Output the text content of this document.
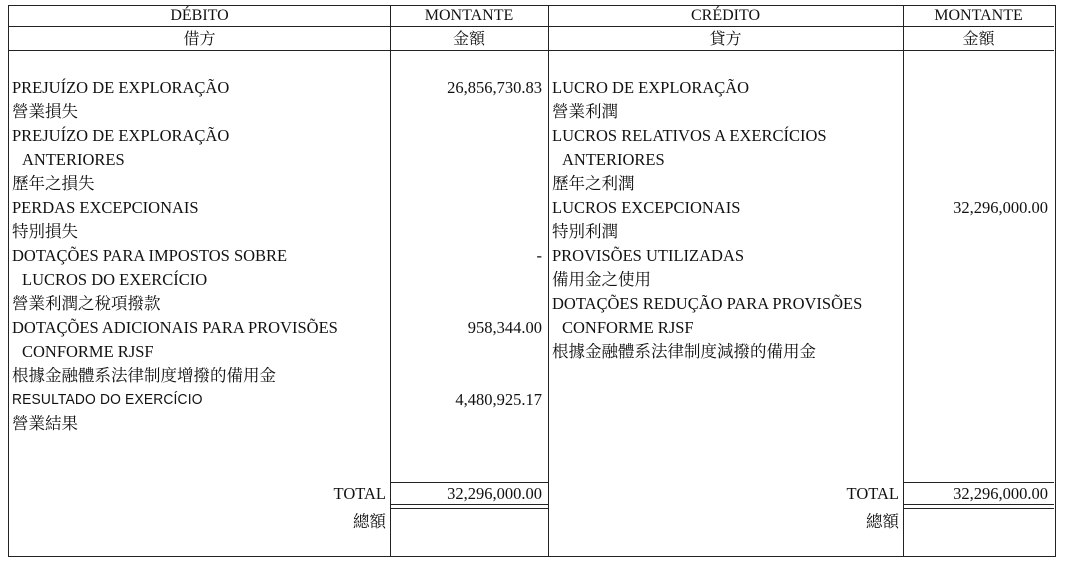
DÉBITO
借方
MONTANTE
金額
CRÉDITO
貸方
MONTANTE
金額
PREJUÍZO DE EXPLORAÇÃO
營業損失
PREJUÍZO DE EXPLORAÇÃO
ANTERIORES
歷年之損失
PERDAS EXCEPCIONAIS
特別損失
DOTAÇÕES PARA IMPOSTOS SOBRE
LUCROS DO EXERCÍCIO
營業利潤之稅項撥款
DOTAÇÕES ADICIONAIS PARA PROVISÕES
CONFORME RJSF
根據金融體系法律制度增撥的備用金
RESULTADO DO EXERCÍCIO
營業結果
26,856,730.83
-
958,344.00
4,480,925.17
LUCRO DE EXPLORAÇÃO
營業利潤
LUCROS RELATIVOS A EXERCÍCIOS
ANTERIORES
歷年之利潤
LUCROS EXCEPCIONAIS
特別利潤
PROVISÕES UTILIZADAS
備用金之使用
DOTAÇÕES REDUÇÃO PARA PROVISÕES
CONFORME RJSF
根據金融體系法律制度減撥的備用金
32,296,000.00
TOTAL
總額
32,296,000.00	TOTAL
總額
32,296,000.00
